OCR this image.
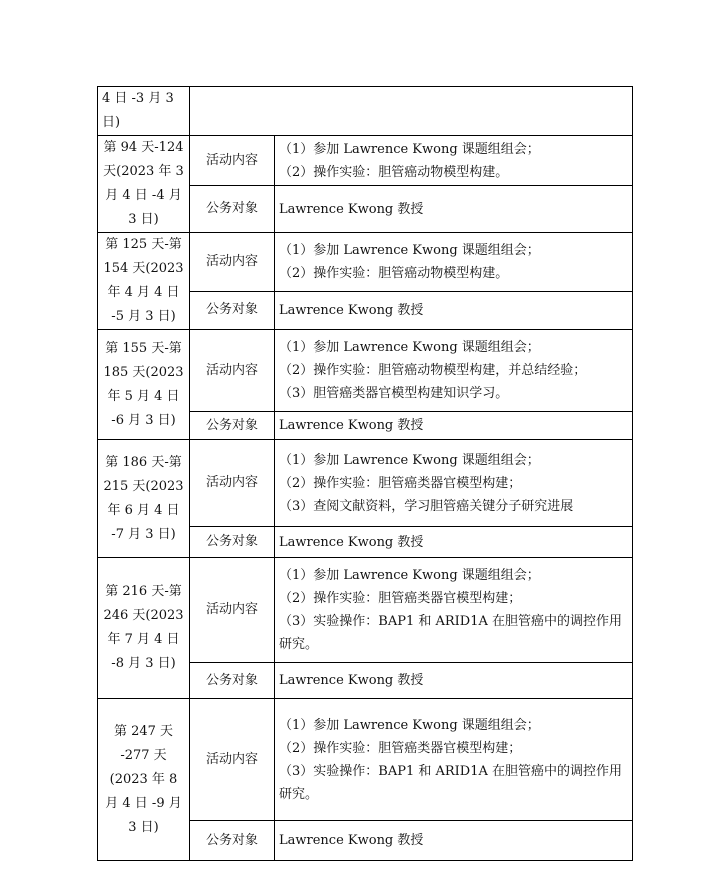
4 日 -3 月 3 日)		
第 94 天-124 天(2023 年 3 月 4 日 -4 月 3 日)	活动内容	（1）参加 Lawrence Kwong 课题组组会；
（2）操作实验：胆管癌动物模型构建。

	公务对象	Lawrence Kwong 教授
第 125 天-第 154 天(2023 年 4 月 4 日 -5 月 3 日)	活动内容	（1）参加 Lawrence Kwong 课题组组会；
（2）操作实验：胆管癌动物模型构建。

	公务对象	Lawrence Kwong 教授
第 155 天-第 185 天(2023 年 5 月 4 日 -6 月 3 日)	活动内容	（1）参加 Lawrence Kwong 课题组组会；
（2）操作实验：胆管癌动物模型构建，并总结经验；
（3）胆管癌类器官模型构建知识学习。

	公务对象	Lawrence Kwong 教授
第 186 天-第 215 天(2023 年 6 月 4 日 -7 月 3 日)	活动内容	（1）参加 Lawrence Kwong 课题组组会；
（2）操作实验：胆管癌类器官模型构建；
（3）查阅文献资料，学习胆管癌关键分子研究进展

	公务对象	Lawrence Kwong 教授
第 216 天-第 246 天(2023 年 7 月 4 日 -8 月 3 日)	活动内容	（1）参加 Lawrence Kwong 课题组组会；
（2）操作实验：胆管癌类器官模型构建；
（3）实验操作：BAP1 和 ARID1A 在胆管癌中的调控作用研究。

	公务对象	Lawrence Kwong 教授
第 247 天 -277 天 (2023 年 8 月 4 日 -9 月 3 日)	活动内容	（1）参加 Lawrence Kwong 课题组组会；
（2）操作实验：胆管癌类器官模型构建；
（3）实验操作：BAP1 和 ARID1A 在胆管癌中的调控作用研究。

	公务对象	Lawrence Kwong 教授
